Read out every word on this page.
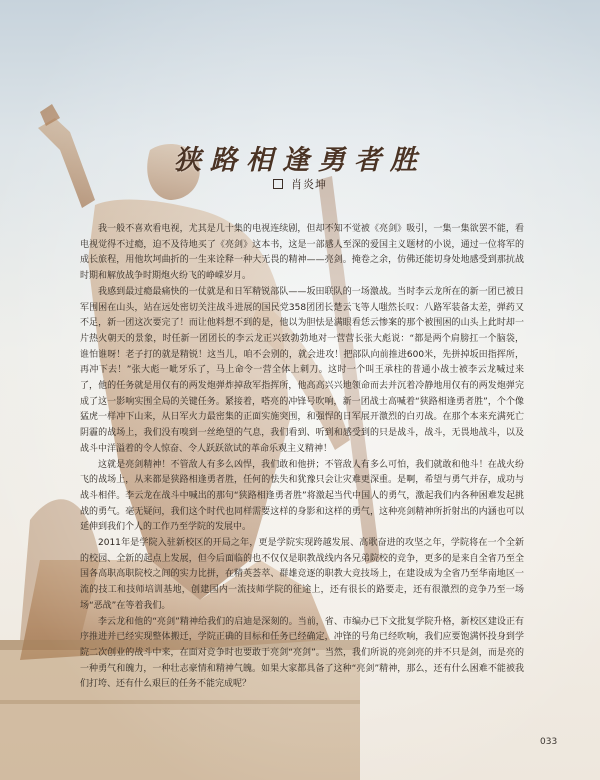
狭路相逢勇者胜
肖炎坤

我一般不喜欢看电视，尤其是几十集的电视连续剧，但却不知不觉被《亮剑》吸引，一集一集欲罢不能，看电视觉得不过瘾，迫不及待地买了《亮剑》这本书，这是一部感人至深的爱国主义题材的小说，通过一位将军的成长旅程，用他坎坷曲折的一生来诠释一种大无畏的精神——亮剑。掩卷之余，仿佛还能切身处地感受到那抗战时期和解放战争时期炮火纷飞的峥嵘岁月。

我感到最过瘾最痛快的一仗就是和日军精锐部队——坂田联队的一场激战。当时李云龙所在的新一团已被日军围困在山头，站在远处密切关注战斗进展的国民党358团团长楚云飞等人嗤然长叹：八路军装备太差，弹药又不足，新一团这次要完了！而让他料想不到的是，他以为胆怯是满眼看恁云惨案的那个被围困的山头上此时却一片热火朝天的景象，时任新一团团长的李云龙正兴致勃勃地对一营营长张大彪说：“都是两个肩膀扛一个脑袋，谁怕谁呀！老子打的就是精锐！这当儿，咱不会别的，就会进攻！把部队向前推进600米，先拼掉坂田指挥所，再冲下去！”张大彪一呲牙乐了，马上命令一营全体上刺刀。这时一个叫王承柱的普通小战士被李云龙喊过来了，他的任务就是用仅有的两发炮弹炸掉敌军指挥所，他高高兴兴地领命而去并沉着冷静地用仅有的两发炮弹完成了这一影响实围全局的关键任务。紧接着，嗒亮的冲锋号吹响，新一团战士高喊着“狭路相逢勇者胜”，个个像猛虎一样冲下山来，从日军火力最密集的正面实施突围，和强悍的日军展开激烈的白刃战。在那个本来充满死亡阴霾的战场上，我们没有嗅到一丝绝望的气息，我们看到、听到和感受到的只是战斗，战斗，无畏地战斗，以及战斗中洋溢着的令人惊奋、令人跃跃欲试的革命乐观主义精神！

这就是亮剑精神！不管敌人有多么凶悍，我们敢和他拼；不管敌人有多么可怕，我们就敢和他斗！在战火纷飞的战场上，从来都是狭路相逢勇者胜，任何的怯失和犹豫只会让灾难更深重。是啊，希望与勇气并存，成功与战斗相伴。李云龙在战斗中喊出的那句“狭路相逢勇者胜”将激起当代中国人的勇气，激起我们内各种困难发起挑战的勇气。毫无疑问，我们这个时代也同样需要这样的身影和这样的勇气，这种亮剑精神所折射出的内涵也可以延伸到我们个人的工作乃至学院的发展中。

2011年是学院入驻新校区的开局之年，更是学院实现跨越发展、高歌奋进的攻坚之年，学院将在一个全新的校园、全新的起点上发展，但今后面临的也不仅仅是职教战线内各兄弟院校的竞争，更多的是来自全省乃至全国各高职高职院校之间的实力比拼，在精英荟萃、群雄竞逐的职教大竞技场上，在建设成为全省乃至华南地区一流的技工和技师培训基地，创建国内一流技师学院的征途上，还有很长的路要走，还有很激烈的竞争乃至一场场“恶战”在等着我们。

李云龙和他的“亮剑”精神给我们的启迪是深刻的。当前，省、市编办已下文批复学院升格，新校区建设正有序推进并已经实现整体搬迁，学院正确的目标和任务已经确定，冲锋的号角已经吹响，我们应要饱满怀投身到学院二次创业的战斗中来，在面对竞争时也要敢于亮剑“亮剑”。当然，我们所说的亮剑亮的并不只是剑，而是亮的一种勇气和魄力，一种壮志豪情和精神气魄。如果大家都具备了这种“亮剑”精神，那么，还有什么困难不能被我们打垮、还有什么艰巨的任务不能完成呢？

033
